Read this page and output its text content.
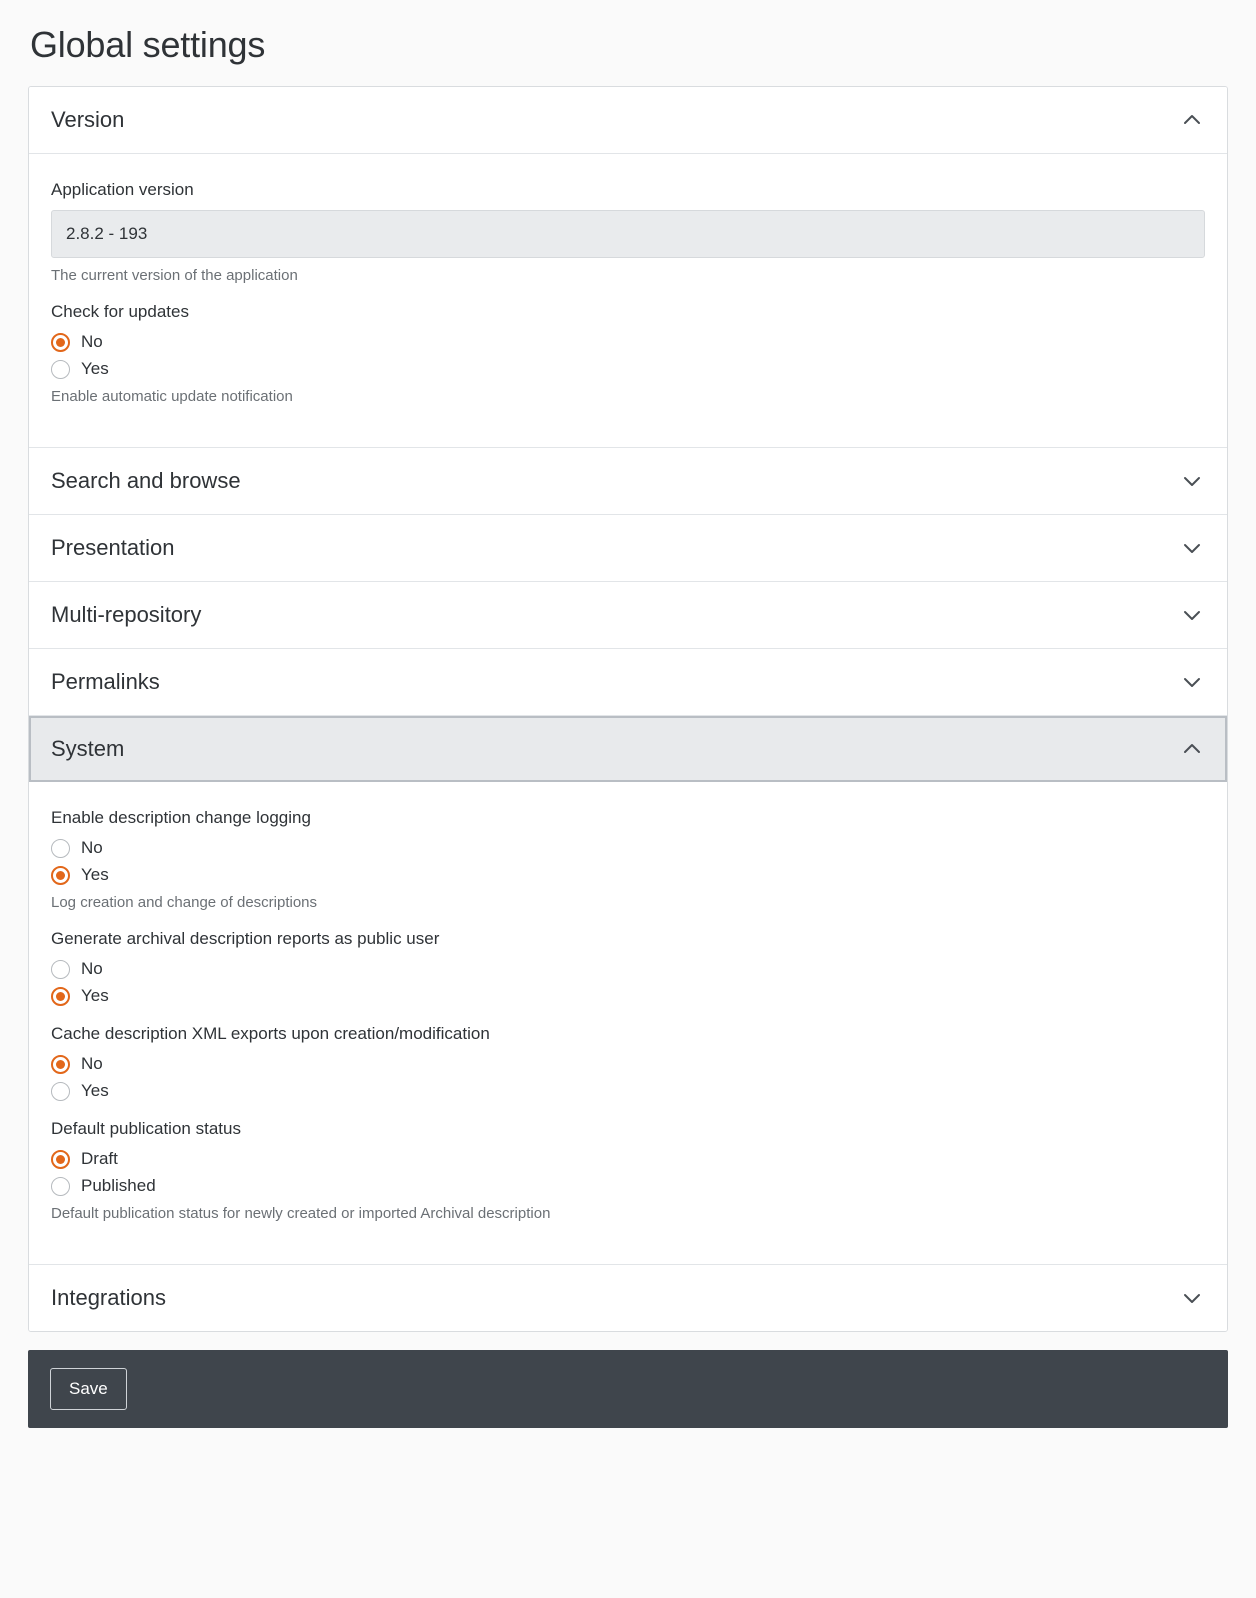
Global settings
Version
Application version
2.8.2 - 193
The current version of the application
Check for updates
No
Yes
Enable automatic update notification
Search and browse
Presentation
Multi-repository
Permalinks
System
Enable description change logging
No
Yes
Log creation and change of descriptions
Generate archival description reports as public user
No
Yes
Cache description XML exports upon creation/modification
No
Yes
Default publication status
Draft
Published
Default publication status for newly created or imported Archival description
Integrations
Save
